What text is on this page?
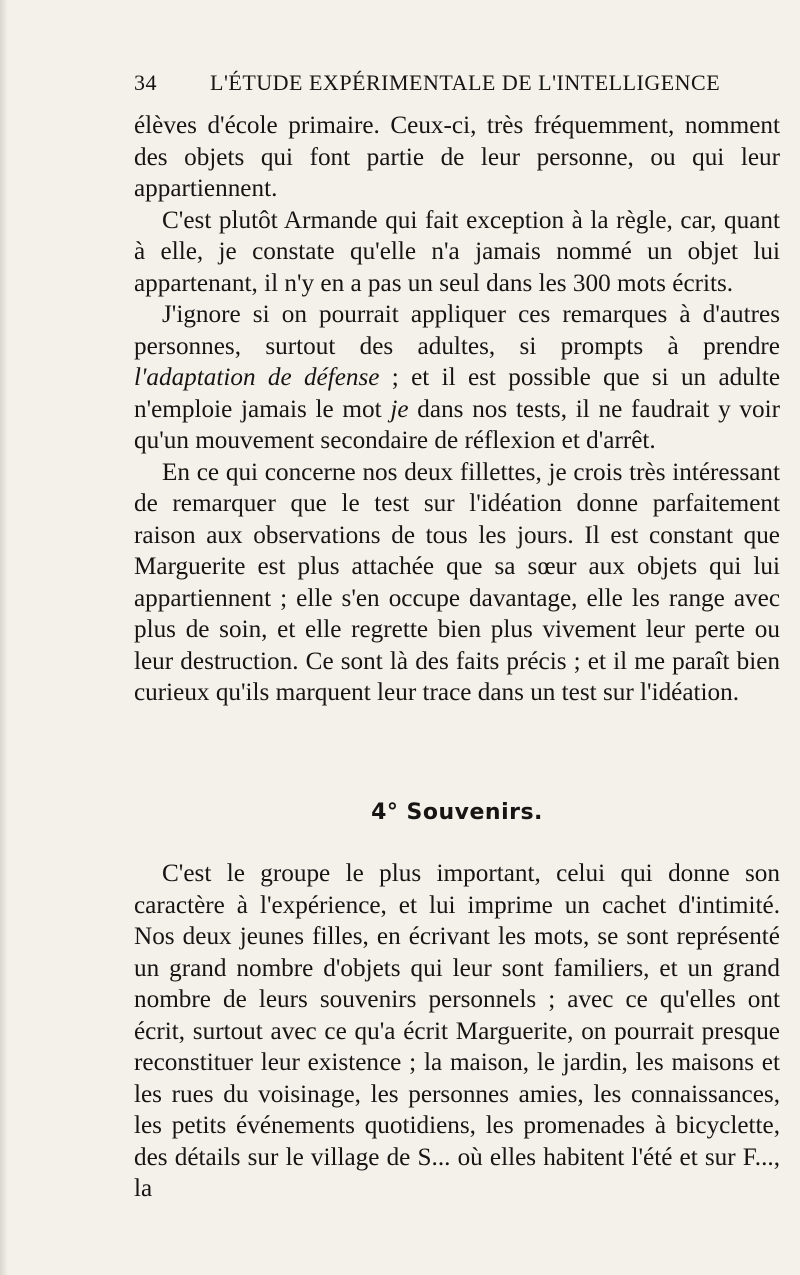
34 L'ÉTUDE EXPÉRIMENTALE DE L'INTELLIGENCE

élèves d'école primaire. Ceux-ci, très fréquemment, nomment des objets qui font partie de leur personne, ou qui leur appartiennent.

C'est plutôt Armande qui fait exception à la règle, car, quant à elle, je constate qu'elle n'a jamais nommé un objet lui appartenant, il n'y en a pas un seul dans les 300 mots écrits.

J'ignore si on pourrait appliquer ces remarques à d'autres personnes, surtout des adultes, si prompts à prendre l'adaptation de défense ; et il est possible que si un adulte n'emploie jamais le mot je dans nos tests, il ne faudrait y voir qu'un mouvement secondaire de réflexion et d'arrêt.

En ce qui concerne nos deux fillettes, je crois très intéressant de remarquer que le test sur l'idéation donne parfaitement raison aux observations de tous les jours. Il est constant que Marguerite est plus attachée que sa sœur aux objets qui lui appartiennent ; elle s'en occupe davantage, elle les range avec plus de soin, et elle regrette bien plus vivement leur perte ou leur destruction. Ce sont là des faits précis ; et il me paraît bien curieux qu'ils marquent leur trace dans un test sur l'idéation.

4° Souvenirs.

C'est le groupe le plus important, celui qui donne son caractère à l'expérience, et lui imprime un cachet d'intimité. Nos deux jeunes filles, en écrivant les mots, se sont représenté un grand nombre d'objets qui leur sont familiers, et un grand nombre de leurs souvenirs personnels ; avec ce qu'elles ont écrit, surtout avec ce qu'a écrit Marguerite, on pourrait presque reconstituer leur existence ; la maison, le jardin, les maisons et les rues du voisinage, les personnes amies, les connaissances, les petits événements quotidiens, les promenades à bicyclette, des détails sur le village de S... où elles habitent l'été et sur F..., la
